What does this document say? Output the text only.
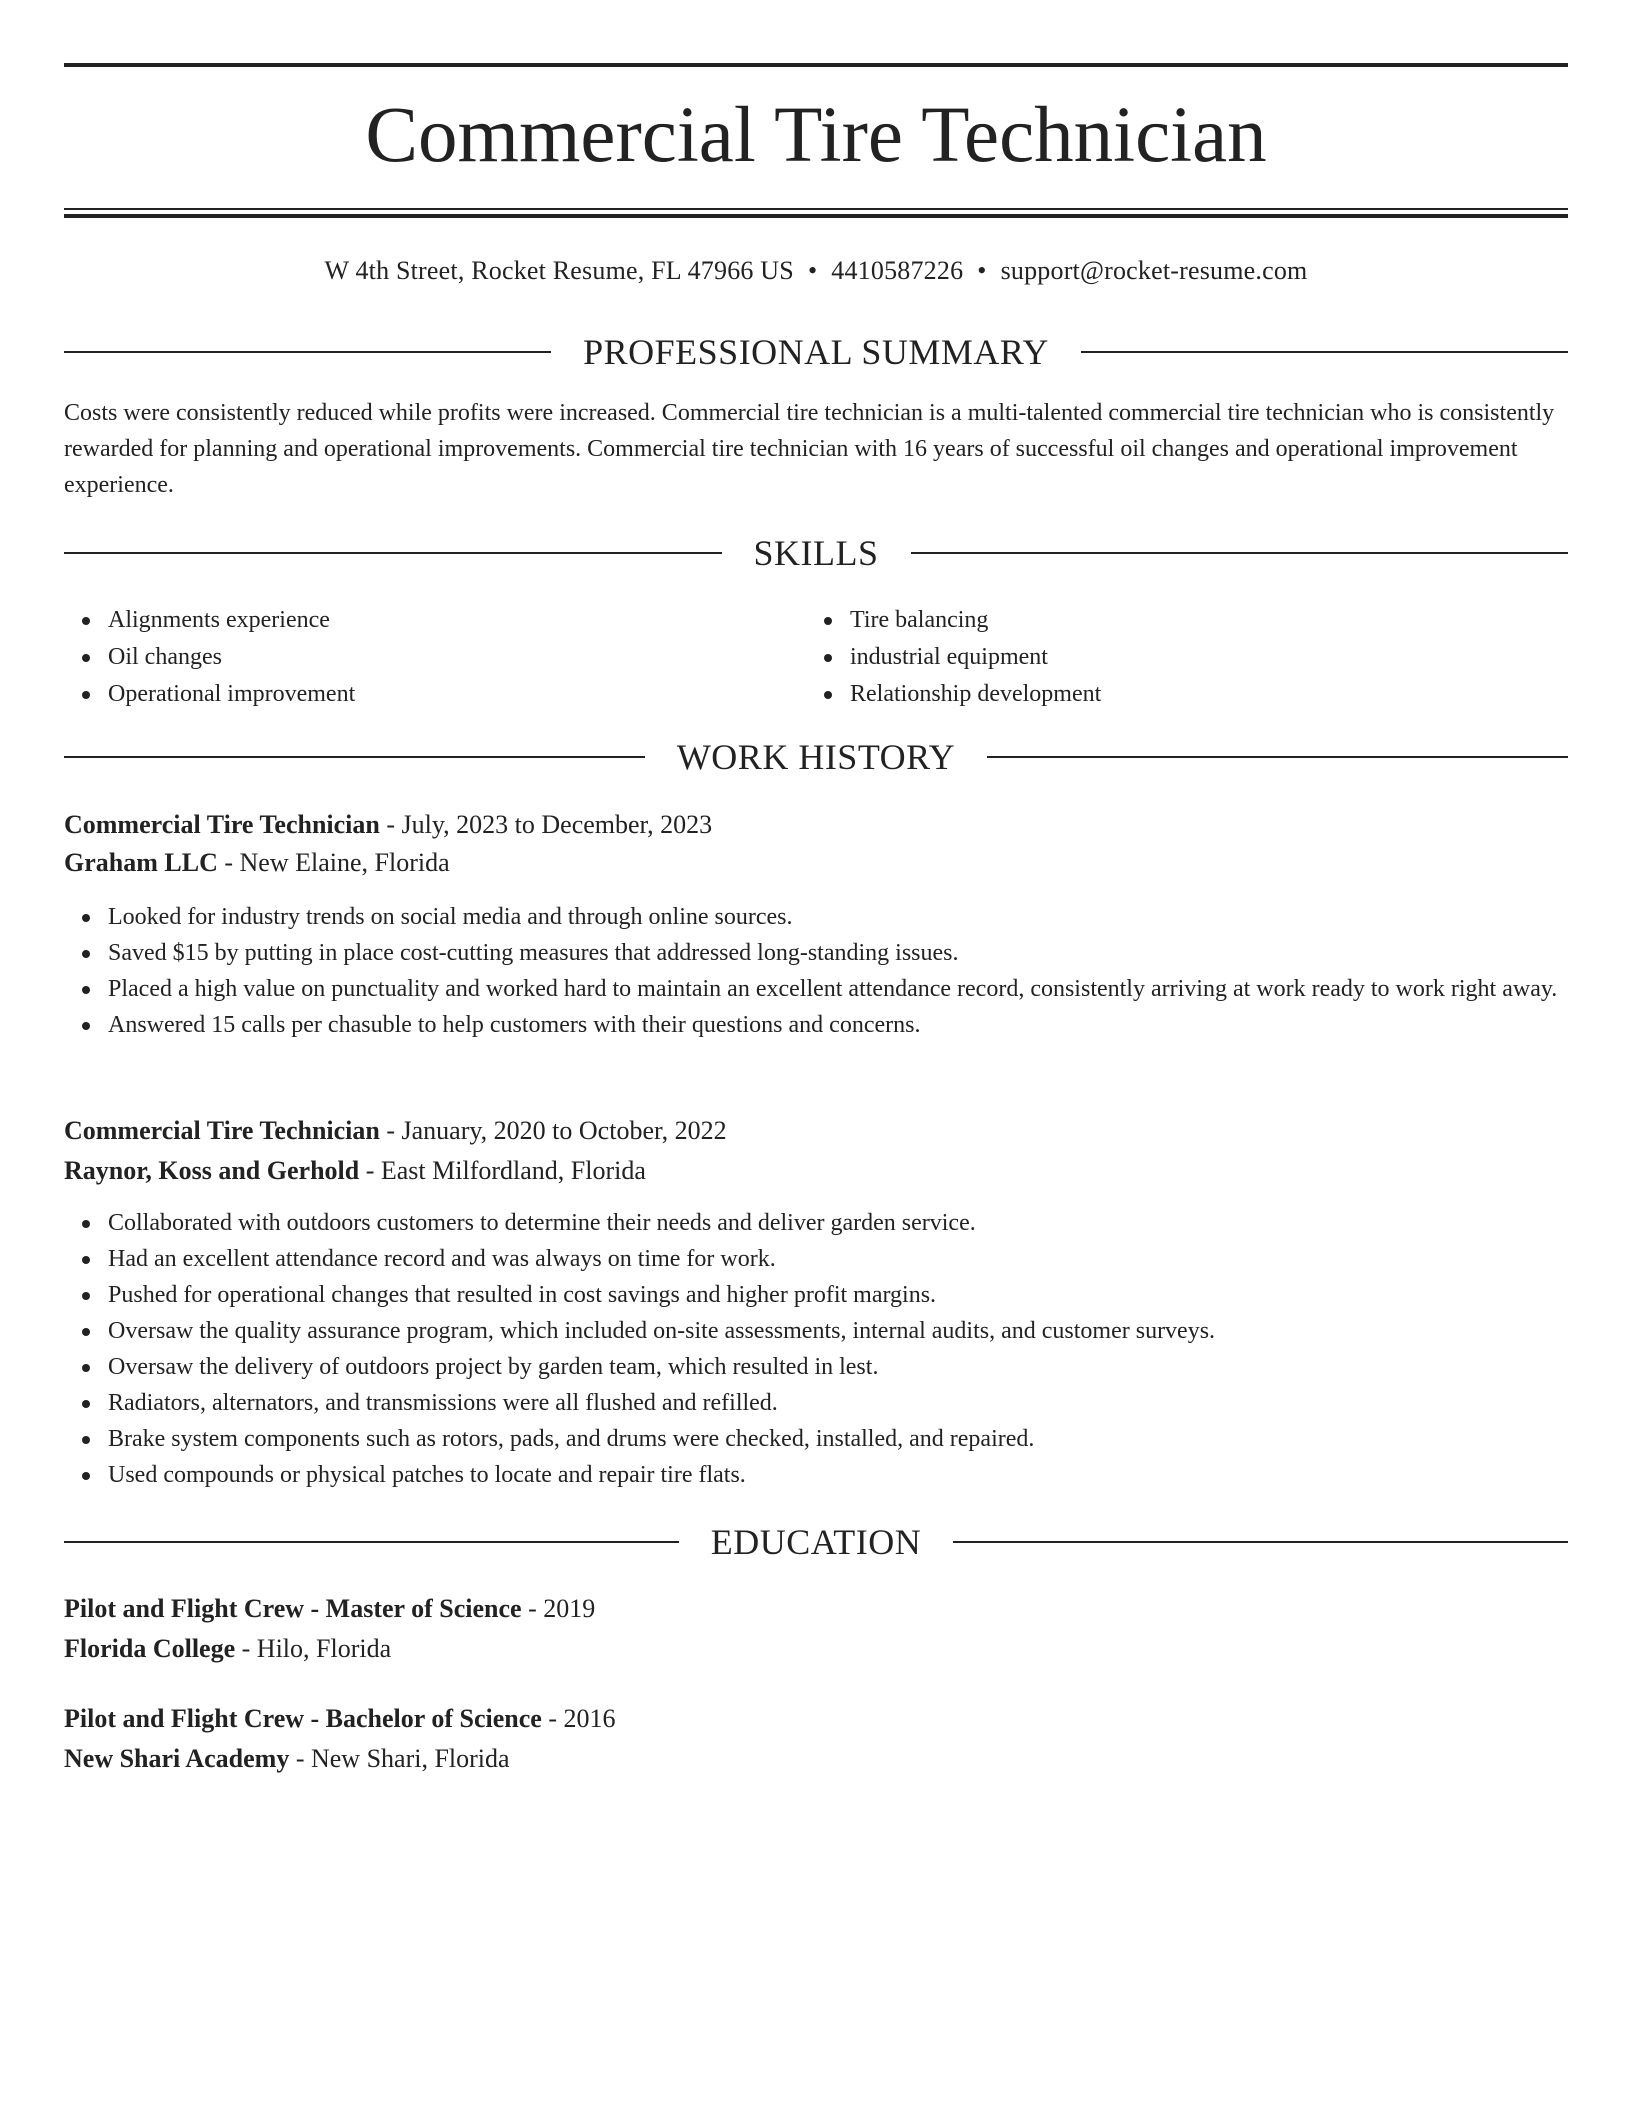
Commercial Tire Technician
W 4th Street, Rocket Resume, FL 47966 US • 4410587226 • support@rocket-resume.com
PROFESSIONAL SUMMARY

Costs were consistently reduced while profits were increased. Commercial tire technician is a multi-talented commercial tire technician who is consistently rewarded for planning and operational improvements. Commercial tire technician with 16 years of successful oil changes and operational improvement experience.

SKILLS
Alignments experience
Oil changes
Operational improvement
Tire balancing
industrial equipment
Relationship development
WORK HISTORY
Commercial Tire Technician - July, 2023 to December, 2023
Graham LLC - New Elaine, Florida
Looked for industry trends on social media and through online sources.
Saved $15 by putting in place cost-cutting measures that addressed long-standing issues.
Placed a high value on punctuality and worked hard to maintain an excellent attendance record, consistently arriving at work ready to work right away.
Answered 15 calls per chasuble to help customers with their questions and concerns.
Commercial Tire Technician - January, 2020 to October, 2022
Raynor, Koss and Gerhold - East Milfordland, Florida
Collaborated with outdoors customers to determine their needs and deliver garden service.
Had an excellent attendance record and was always on time for work.
Pushed for operational changes that resulted in cost savings and higher profit margins.
Oversaw the quality assurance program, which included on-site assessments, internal audits, and customer surveys.
Oversaw the delivery of outdoors project by garden team, which resulted in lest.
Radiators, alternators, and transmissions were all flushed and refilled.
Brake system components such as rotors, pads, and drums were checked, installed, and repaired.
Used compounds or physical patches to locate and repair tire flats.
EDUCATION
Pilot and Flight Crew - Master of Science - 2019
Florida College - Hilo, Florida
Pilot and Flight Crew - Bachelor of Science - 2016
New Shari Academy - New Shari, Florida
